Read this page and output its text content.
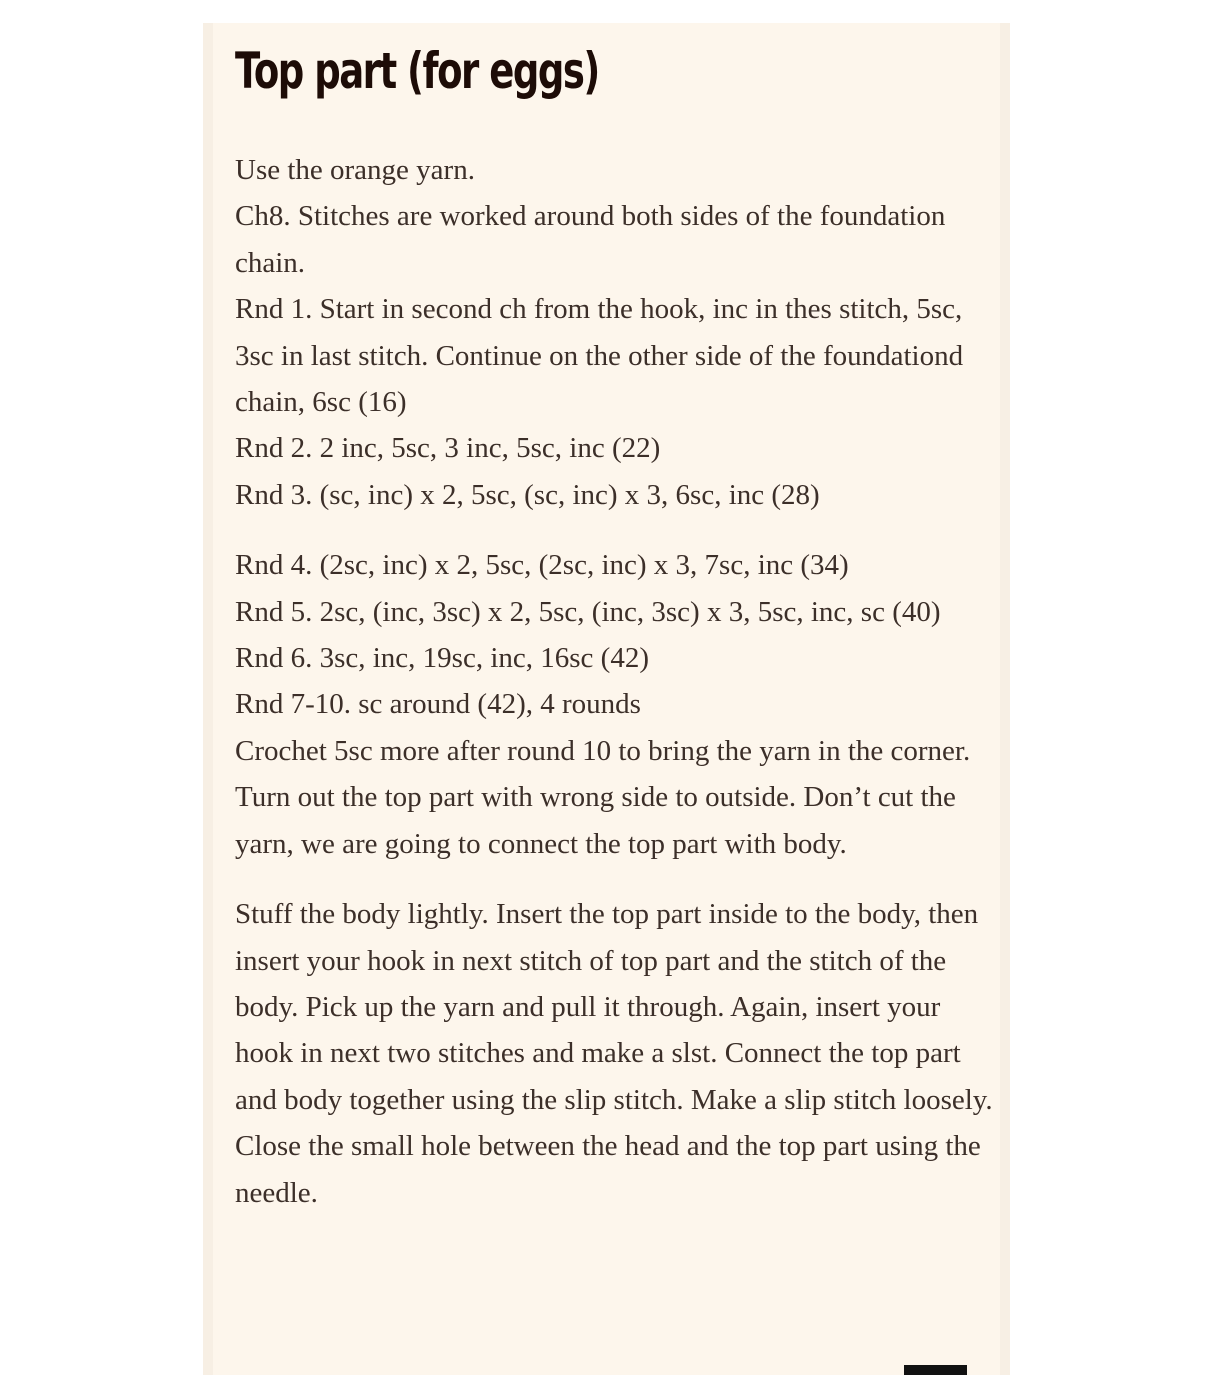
Top part (for eggs)

Use the orange yarn.
Ch8. Stitches are worked around both sides of the foundation chain.
Rnd 1. Start in second ch from the hook, inc in thes stitch, 5sc, 3sc in last stitch. Continue on the other side of the foundationd chain, 6sc (16)
Rnd 2. 2 inc, 5sc, 3 inc, 5sc, inc (22)
Rnd 3. (sc, inc) x 2, 5sc, (sc, inc) x 3, 6sc, inc (28)

Rnd 4. (2sc, inc) x 2, 5sc, (2sc, inc) x 3, 7sc, inc (34)
Rnd 5. 2sc, (inc, 3sc) x 2, 5sc, (inc, 3sc) x 3, 5sc, inc, sc (40)
Rnd 6. 3sc, inc, 19sc, inc, 16sc (42)
Rnd 7-10. sc around (42), 4 rounds
Crochet 5sc more after round 10 to bring the yarn in the corner. Turn out the top part with wrong side to outside. Don’t cut the yarn, we are going to connect the top part with body.

Stuff the body lightly. Insert the top part inside to the body, then insert your hook in next stitch of top part and the stitch of the body. Pick up the yarn and pull it through. Again, insert your hook in next two stitches and make a slst. Connect the top part and body together using the slip stitch. Make a slip stitch loosely.
Close the small hole between the head and the top part using the needle.
